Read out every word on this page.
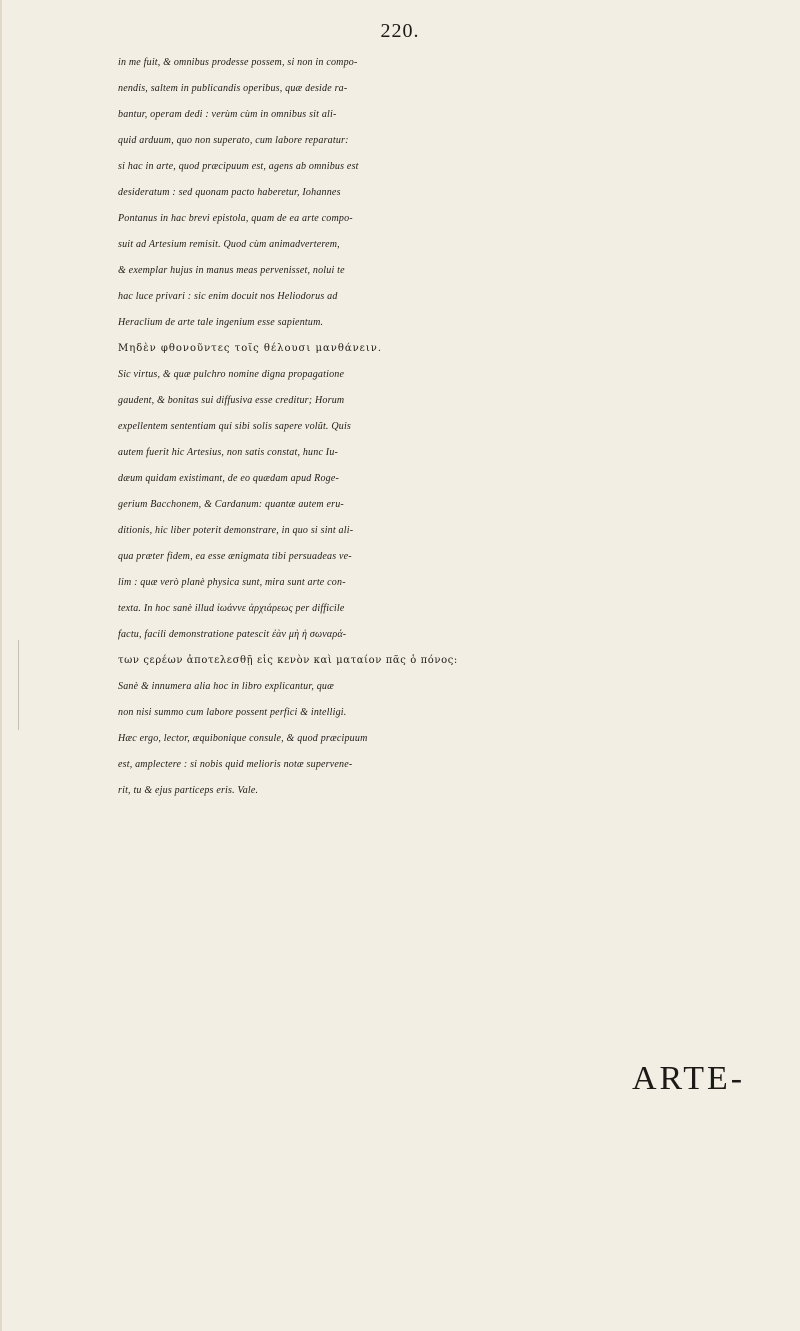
220.
in me fuit, & omnibus prodesse possem, si non in compo-
nendis, saltem in publicandis operibus, quæ deside ra-
bantur, operam dedi : verùm cùm in omnibus sit ali-
quid arduum, quo non superato, cum labore reparatur:
si hac in arte, quod præcipuum est, agens ab omnibus est
desideratum : sed quonam pacto haberetur, Iohannes
Pontanus in hac brevi epistola, quam de ea arte compo-
suit ad Artesium remisit. Quod cùm animadverterem,
& exemplar hujus in manus meas pervenisset, nolui te
hac luce privari : sic enim docuit nos Heliodorus ad
Heraclium de arte tale ingenium esse sapientum.
Μηδὲν φθονοῦντες τοῖς θέλουσι μανθάνειν.
Sic virtus, & quæ pulchro nomine digna propagatione
gaudent, & bonitas sui diffusiva esse creditur; Horum
expellentem sententiam qui sibi solis sapere volũt. Quis
autem fuerit hic Artesius, non satis constat, hunc Iu-
dæum quidam existimant, de eo quædam apud Roge-
gerium Bacchonem, & Cardanum: quantæ autem eru-
ditionis, hic liber poterit demonstrare, in quo si sint ali-
qua præter fidem, ea esse ænigmata tibi persuadeas ve-
lim : quæ verò planè physica sunt, mira sunt arte con-
texta. In hoc sanè illud ἰωάννε ἀρχιάρεως per difficile
factu, facili demonstratione patescit ἐὰν μὴ ἡ σωναρά-
των ςερέων ἀποτελεσθῇ εἰς κενὸν καὶ ματαίον πᾶς ὁ πόνος:
Sanè & innumera alia hoc in libro explicantur, quæ
non nisi summo cum labore possent perfici & intelligi.
Hæc ergo, lector, æquibonique consule, & quod præcipuum
est, amplectere : si nobis quid melioris notæ supervene-
rit, tu & ejus particeps eris. Vale.
ARTE-
